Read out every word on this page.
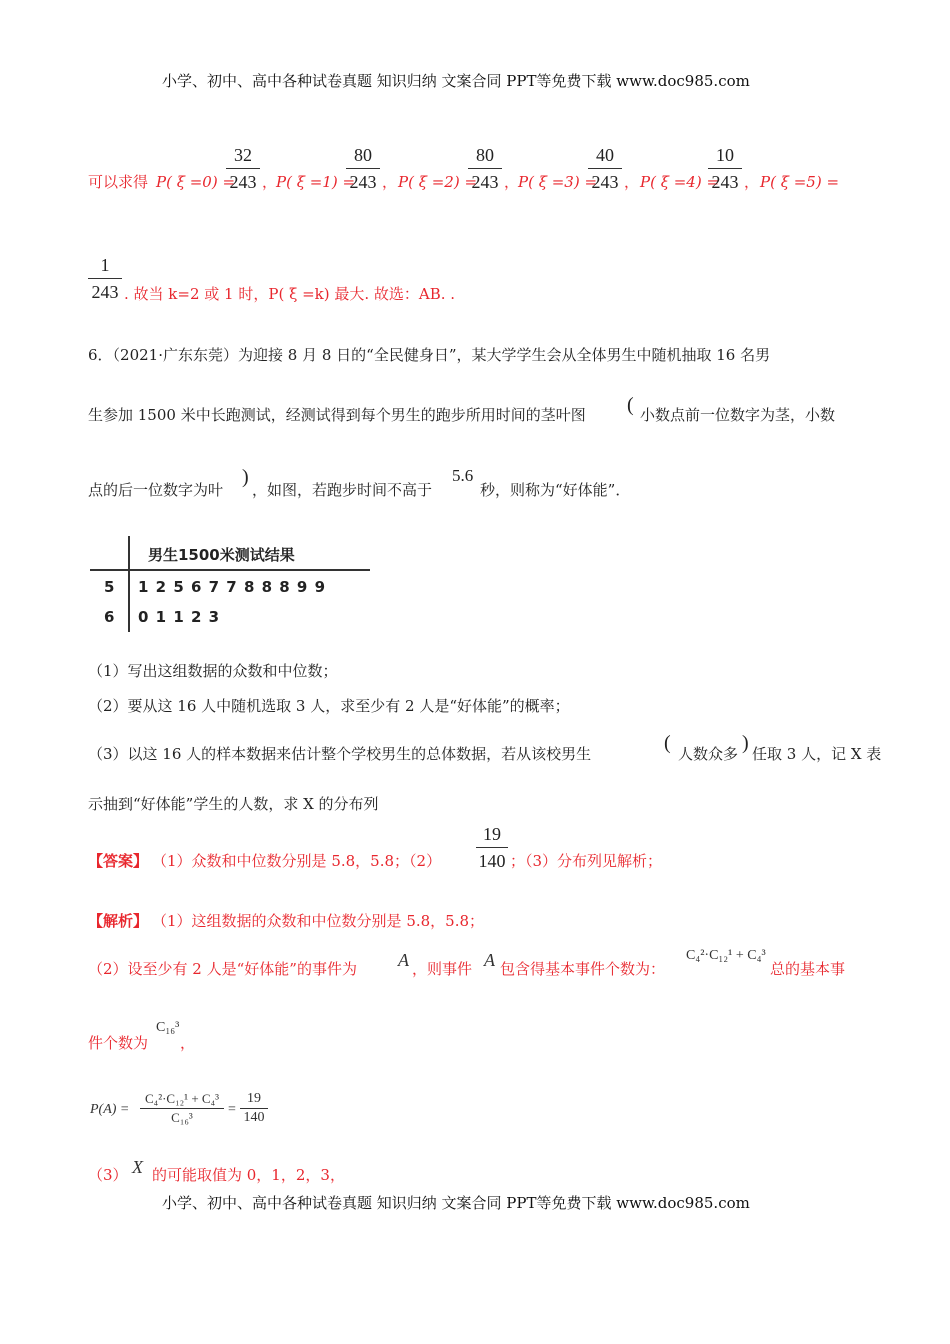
小学、初中、高中各种试卷真题 知识归纳 文案合同 PPT等免费下载 www.doc985.com
可以求得 P( ξ =0) =
$\frac{32}{243}$ ，
P( ξ =1) =
$\frac{80}{243}$ ， P( ξ =2) =
$\frac{80}{243}$ ，
P( ξ =3) =
$\frac{40}{243}$ ， P( ξ =4) =
$\frac{10}{243}$ ， P( ξ =5) =
$\frac{1}{243}$ . 故当 k=2 或 1 时，P( ξ =k) 最大. 故选：AB. .
6．（2021·广东东莞）为迎接 8 月 8 日的“全民健身日”，某大学学生会从全体男生中随机抽取 16 名男
生参加 1500 米中长跑测试，经测试得到每个男生的跑步所用时间的茎叶图 ( 小数点前一位数字为茎，小数
点的后一位数字为叶
)
，如图，若跑步时间不高于
5.6
秒，则称为“好体能”．
男生1500米测试结果
5 1 2 5 6 7 7 8 8 8 9 9
6 0 1 1 2 3
（1）写出这组数据的众数和中位数；
（2）要从这 16 人中随机选取 3 人，求至少有 2 人是“好体能”的概率；
（3）以这 16 人的样本数据来估计整个学校男生的总体数据，若从该校男生	( 人数众多 ) 任取 3 人，记 X 表
示抽到“好体能”学生的人数，求 X 的分布列
【答案】 （1）众数和中位数分别是 5.8，5.8；$(2) \frac{19}{140}$ ；（3）分布列见解析；
【解析】 （1）这组数据的众数和中位数分别是 5.8，5.8；
（2）设至少有 2 人是“好体能”的事件为 A ，则事件 A 包含得基本事件个数为：
C₄²·C₁₂¹ + C₄³
总的基本事
件个数为
C₁₆³
，
$P(A) = \frac{\text{C₄²·C₁₂¹ + C₄³}}{\text{C₁₆³}} = \frac{19}{140}$
（3） X 的可能取值为 0，1，2，3，
小学、初中、高中各种试卷真题 知识归纳 文案合同 PPT等免费下载 www.doc985.com
